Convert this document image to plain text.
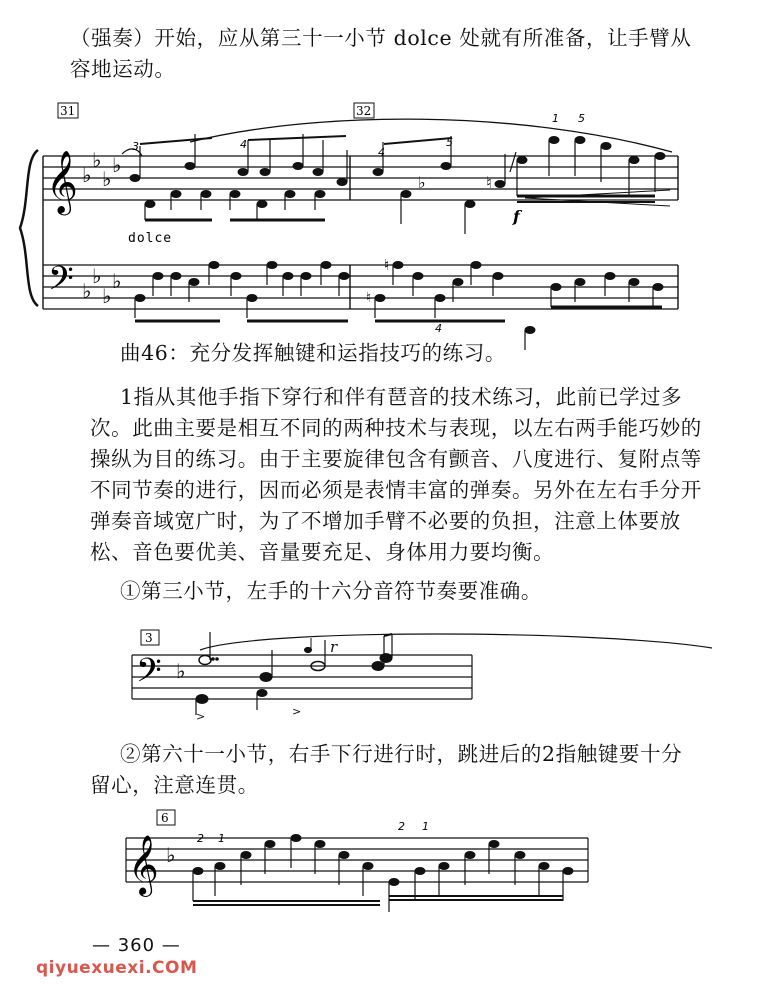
（强奏）开始，应从第三十一小节 dolce 处就有所准备，让手臂从
容地运动。
𝄞
𝄢
♭
♭
♭
♭
♭
♭
♭
♭
31	32
3	4
4
5
1 5
4
dolce
f
♭	♮
♮
♮
曲46：充分发挥触键和运指技巧的练习。
1指从其他手指下穿行和伴有琶音的技术练习，此前已学过多
次。此曲主要是相互不同的两种技术与表现，以左右两手能巧妙的
操纵为目的练习。由于主要旋律包含有颤音、八度进行、复附点等
不同节奏的进行，因而必须是表情丰富的弹奏。另外在左右手分开
弹奏音域宽广时，为了不增加手臂不必要的负担，注意上体要放
松、音色要优美、音量要充足、身体用力要均衡。
①第三小节，左手的十六分音符节奏要准确。
3
𝄢 ♭
>	>
r
②第六十一小节，右手下行进行时，跳进后的2指触键要十分
留心，注意连贯。
6
𝄞 ♭
2 1
2 1
— 360 —
qiyuexuexi.COM
